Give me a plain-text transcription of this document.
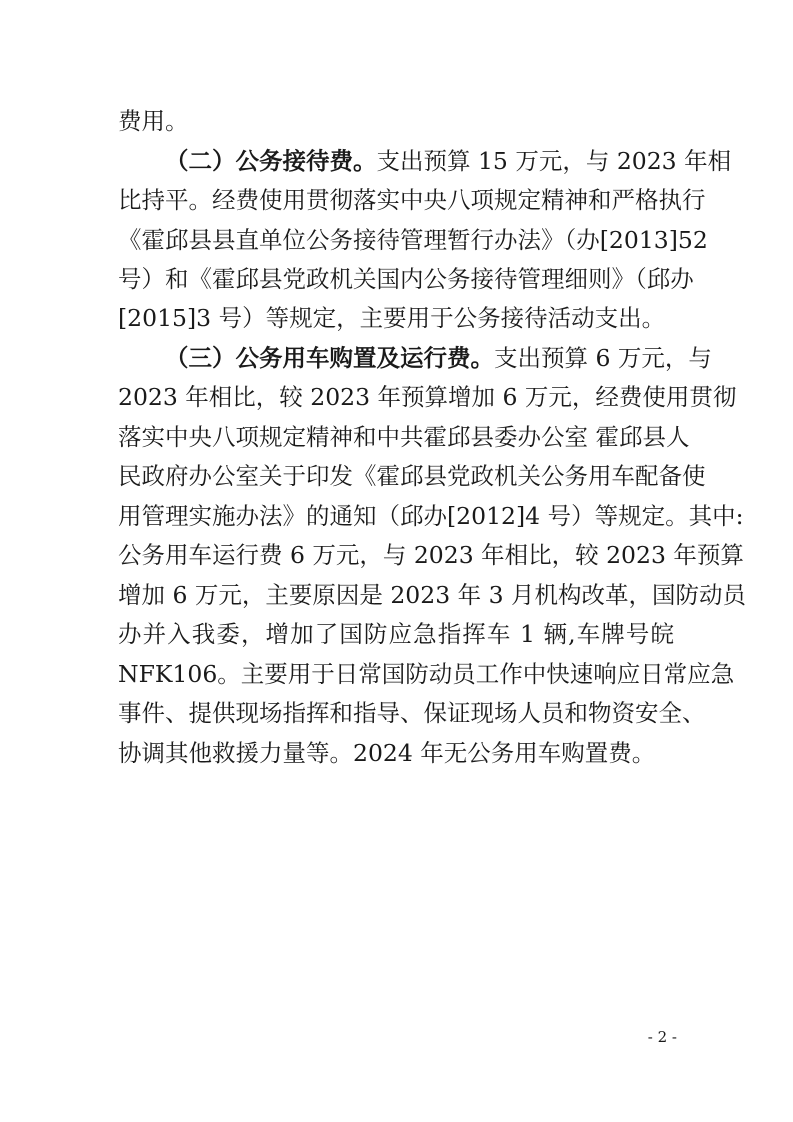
费用。
（二）公务接待费。支出预算 15 万元，与 2023 年相
比持平。经费使用贯彻落实中央八项规定精神和严格执行
《霍邱县县直单位公务接待管理暂行办法》（办[2013]52
号）和《霍邱县党政机关国内公务接待管理细则》（邱办
[2015]3 号）等规定，主要用于公务接待活动支出。
（三）公务用车购置及运行费。支出预算 6 万元，与
2023 年相比，较 2023 年预算增加 6 万元，经费使用贯彻
落实中央八项规定精神和中共霍邱县委办公室 霍邱县人
民政府办公室关于印发《霍邱县党政机关公务用车配备使
用管理实施办法》的通知（邱办[2012]4 号）等规定。其中:
公务用车运行费 6 万元，与 2023 年相比，较 2023 年预算
增加 6 万元，主要原因是 2023 年 3 月机构改革，国防动员
办并入我委，增加了国防应急指挥车 1 辆,车牌号皖
NFK106。主要用于日常国防动员工作中快速响应日常应急
事件、提供现场指挥和指导、保证现场人员和物资安全、
协调其他救援力量等。2024 年无公务用车购置费。
- 2 -
